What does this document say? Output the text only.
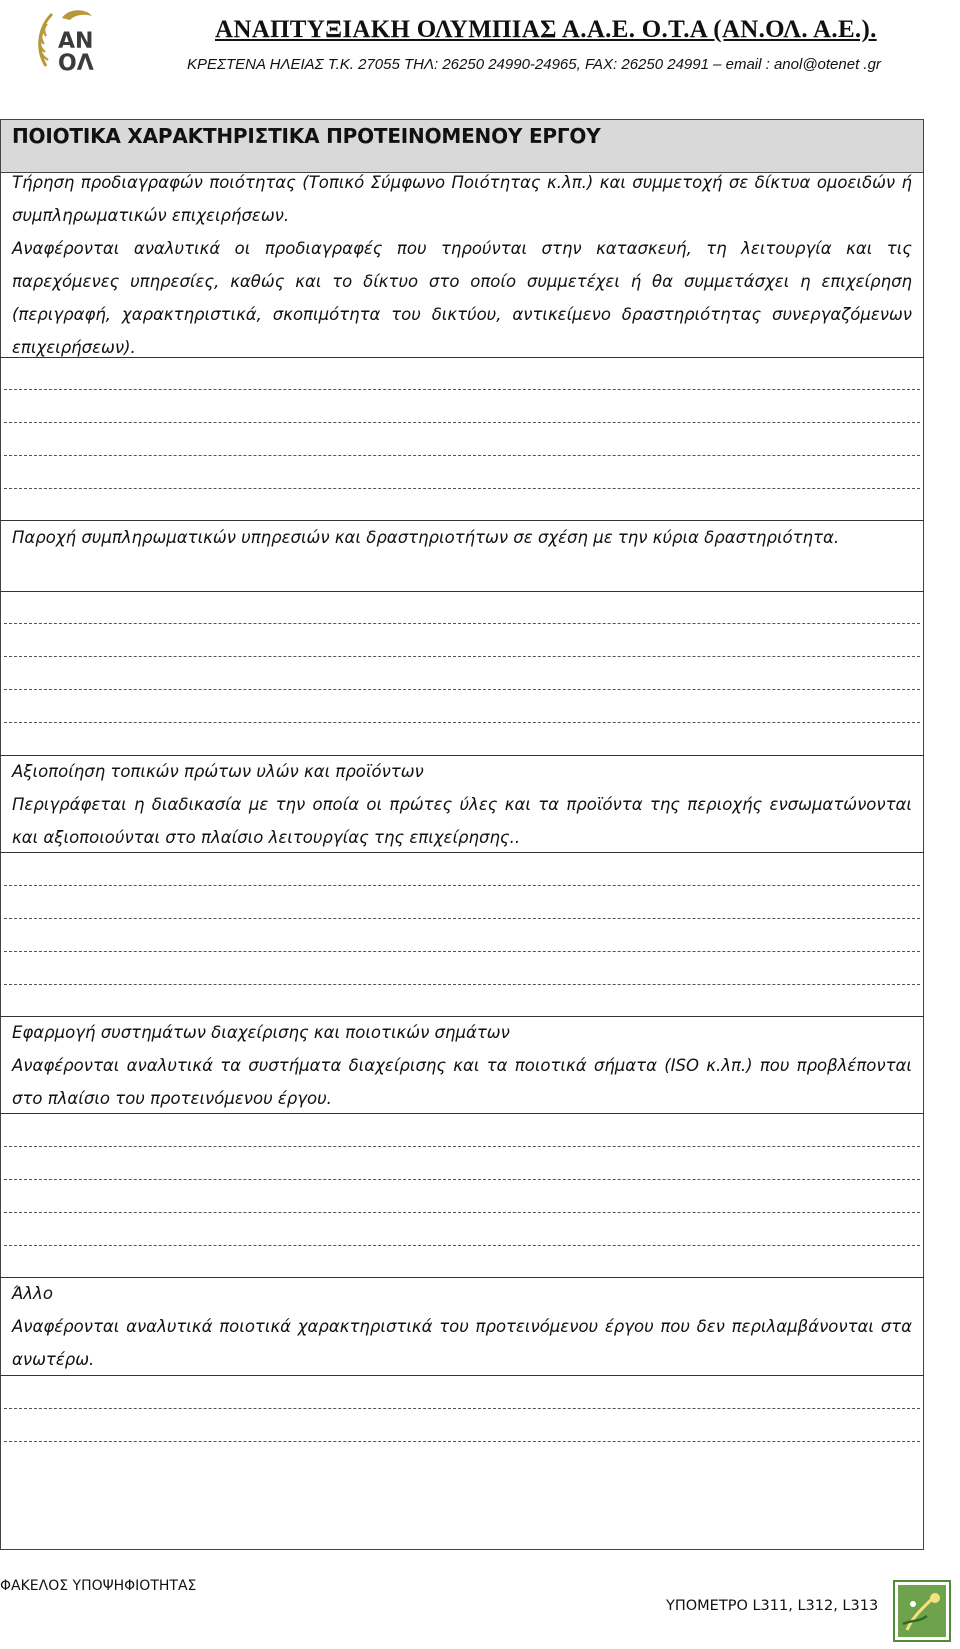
ΑΝ
ΟΛ
ΑΝΑΠΤΥΞΙΑΚΗ ΟΛΥΜΠΙΑΣ Α.Α.Ε. Ο.Τ.Α (ΑΝ.ΟΛ. Α.Ε.).
ΚΡΕΣΤΕΝΑ ΗΛΕΙΑΣ Τ.Κ. 27055 ΤΗΛ: 26250 24990-24965, FAX: 26250 24991 – email : anol@otenet .gr
ΠΟΙΟΤΙΚΑ ΧΑΡΑΚΤΗΡΙΣΤΙΚΑ ΠΡΟΤΕΙΝΟΜΕΝΟΥ ΕΡΓΟΥ

Τήρηση προδιαγραφών ποιότητας (Τοπικό Σύμφωνο Ποιότητας κ.λπ.) και συμμετοχή σε δίκτυα ομοειδών ή συμπληρωματικών επιχειρήσεων.

Αναφέρονται αναλυτικά οι προδιαγραφές που τηρούνται στην κατασκευή, τη λειτουργία και τις παρεχόμενες υπηρεσίες, καθώς και το δίκτυο στο οποίο συμμετέχει ή θα συμμετάσχει η επιχείρηση (περιγραφή, χαρακτηριστικά, σκοπιμότητα του δικτύου, αντικείμενο δραστηριότητας συνεργαζόμενων επιχειρήσεων).

Παροχή συμπληρωματικών υπηρεσιών και δραστηριοτήτων σε σχέση με την κύρια δραστηριότητα.

Αξιοποίηση τοπικών πρώτων υλών και προϊόντων

Περιγράφεται η διαδικασία με την οποία οι πρώτες ύλες και τα προϊόντα της περιοχής ενσωματώνονται και αξιοποιούνται στο πλαίσιο λειτουργίας της επιχείρησης..

Εφαρμογή συστημάτων διαχείρισης και ποιοτικών σημάτων

Αναφέρονται αναλυτικά τα συστήματα διαχείρισης και τα ποιοτικά σήματα (ISO κ.λπ.) που προβλέπονται στο πλαίσιο του προτεινόμενου έργου.

Άλλο

Αναφέρονται αναλυτικά ποιοτικά χαρακτηριστικά του προτεινόμενου έργου που δεν περιλαμβάνονται στα ανωτέρω.

ΦΑΚΕΛΟΣ ΥΠΟΨΗΦΙΟΤΗΤΑΣ
ΥΠΟΜΕΤΡΟ L311, L312, L313
